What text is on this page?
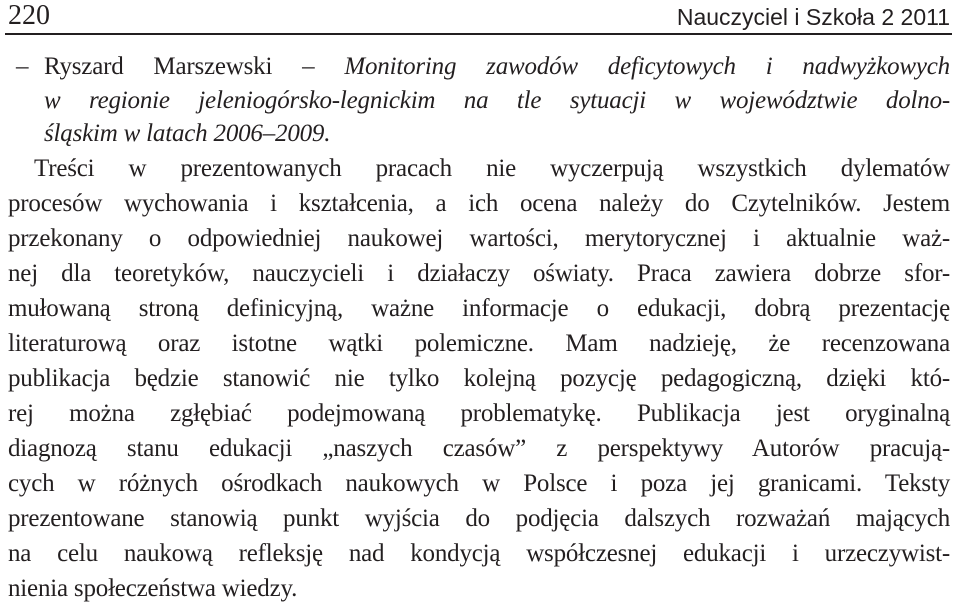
220	Nauczyciel i Szkoła 2 2011
– Ryszard Marszewski – Monitoring zawodów deficytowych i nadwyżkowych
w regionie jeleniogórsko-legnickim na tle sytuacji w województwie dolno-
śląskim w latach 2006–2009.
Treści w prezentowanych pracach nie wyczerpują wszystkich dylematów
procesów wychowania i kształcenia, a ich ocena należy do Czytelników. Jestem
przekonany o odpowiedniej naukowej wartości, merytorycznej i aktualnie waż-
nej dla teoretyków, nauczycieli i działaczy oświaty. Praca zawiera dobrze sfor-
mułowaną stroną definicyjną, ważne informacje o edukacji, dobrą prezentację
literaturową oraz istotne wątki polemiczne. Mam nadzieję, że recenzowana
publikacja będzie stanowić nie tylko kolejną pozycję pedagogiczną, dzięki któ-
rej można zgłębiać podejmowaną problematykę. Publikacja jest oryginalną
diagnozą stanu edukacji „naszych czasów” z perspektywy Autorów pracują-
cych w różnych ośrodkach naukowych w Polsce i poza jej granicami. Teksty
prezentowane stanowią punkt wyjścia do podjęcia dalszych rozważań mających
na celu naukową refleksję nad kondycją współczesnej edukacji i urzeczywist-
nienia społeczeństwa wiedzy.
